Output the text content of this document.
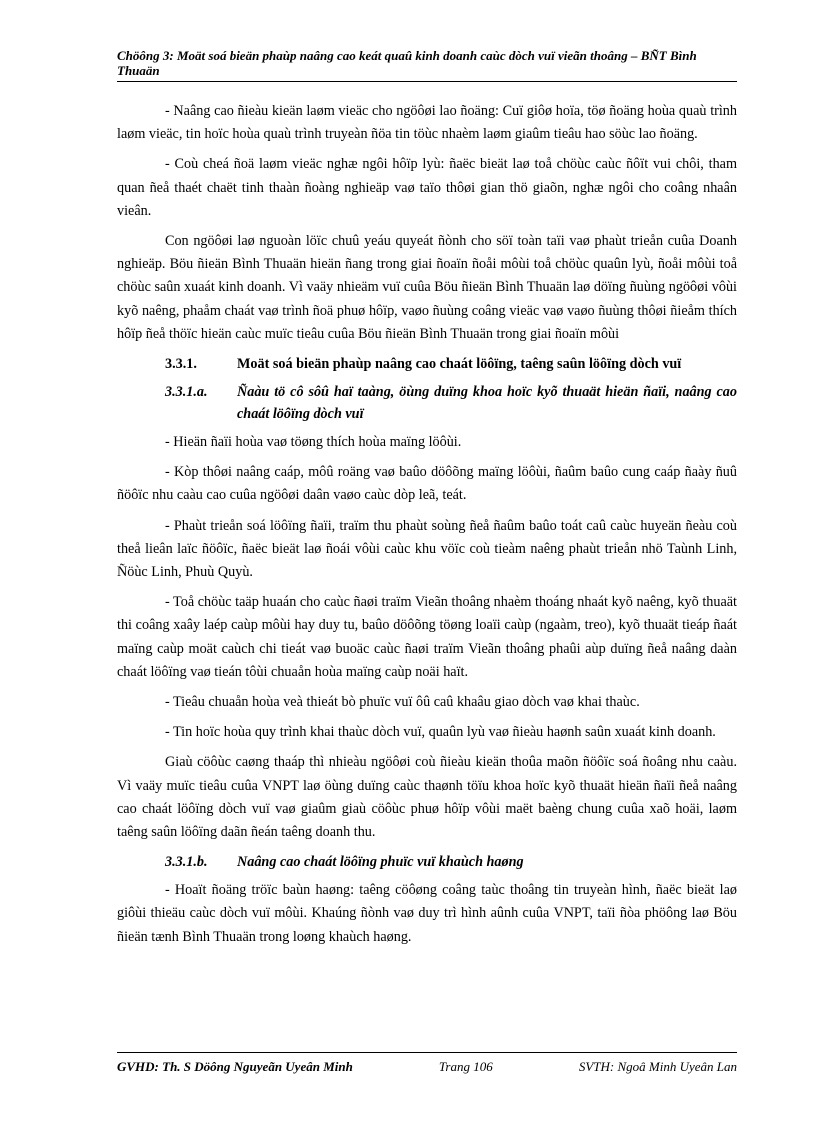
Chöông 3: Moät soá bieän phaùp naâng cao keát quaû kinh doanh caùc dòch vuï vieãn thoâng – BÑT Bình Thuaän

- Naâng cao ñieàu kieän laøm vieäc cho ngöôøi lao ñoäng: Cuï giôø hoïa, töø ñoäng hoùa quaù trình laøm vieäc, tin hoïc hoùa quaù trình truyeàn ñöa tin töùc nhaèm laøm giaûm tieâu hao söùc lao ñoäng.

- Coù cheá ñoä laøm vieäc nghæ ngôi hôïp lyù: ñaëc bieät laø toå chöùc caùc ñôït vui chôi, tham quan ñeå thaét chaët tinh thaàn ñoàng nghieäp vaø taïo thôøi gian thö giaõn, nghæ ngôi cho coâng nhaân vieân.

Con ngöôøi laø nguoàn löïc chuû yeáu quyeát ñònh cho söï toàn taïi vaø phaùt trieån cuûa Doanh nghieäp. Böu ñieän Bình Thuaän hieän ñang trong giai ñoaïn ñoåi môùi toå chöùc quaûn lyù, ñoåi môùi toå chöùc saûn xuaát kinh doanh. Vì vaäy nhieäm vuï cuûa Böu ñieän Bình Thuaän laø döïng ñuùng ngöôøi vôùi kyõ naêng, phaåm chaát vaø trình ñoä phuø hôïp, vaøo ñuùng coâng vieäc vaø vaøo ñuùng thôøi ñieåm thích hôïp ñeå thöïc hieän caùc muïc tieâu cuûa Böu ñieän Bình Thuaän trong giai ñoaïn môùi

3.3.1.	Moät soá bieän phaùp naâng cao chaát löôïng, taêng saûn löôïng dòch vuï
3.3.1.a.	Ñaàu tö cô sôû haï taàng, öùng duïng khoa hoïc kyõ thuaät hieän ñaïi, naâng cao chaát löôïng dòch vuï

- Hieän ñaïi hoùa vaø töøng thích hoùa maïng löôùi.

- Kòp thôøi naâng caáp, môû roäng vaø baûo döôõng maïng löôùi, ñaûm baûo cung caáp ñaày ñuû ñöôïc nhu caàu cao cuûa ngöôøi daân vaøo caùc dòp leã, teát.

- Phaùt trieån soá löôïng ñaïi, traïm thu phaùt soùng ñeå ñaûm baûo toát caû caùc huyeän ñeàu coù theå lieân laïc ñöôïc, ñaëc bieät laø ñoái vôùi caùc khu vöïc coù tieàm naêng phaùt trieån nhö Taùnh Linh, Ñöùc Linh, Phuù Quyù.

- Toå chöùc taäp huaán cho caùc ñaøi traïm Vieãn thoâng nhaèm thoáng nhaát kyõ naêng, kyõ thuaät thi coâng xaây laép caùp môùi hay duy tu, baûo döôõng töøng loaïi caùp (ngaàm, treo), kyõ thuaät tieáp ñaát maïng caùp moät caùch chi tieát vaø buoäc caùc ñaøi traïm Vieãn thoâng phaûi aùp duïng ñeå naâng daàn chaát löôïng vaø tieán tôùi chuaån hoùa maïng caùp noäi haït.

- Tieâu chuaån hoùa veà thieát bò phuïc vuï ôû caû khaâu giao dòch vaø khai thaùc.

- Tin hoïc hoùa quy trình khai thaùc dòch vuï, quaûn lyù vaø ñieàu haønh saûn xuaát kinh doanh.

Giaù cöôùc caøng thaáp thì nhieàu ngöôøi coù ñieàu kieän thoûa maõn ñöôïc soá ñoâng nhu caàu. Vì vaäy muïc tieâu cuûa VNPT laø öùng duïng caùc thaønh töïu khoa hoïc kyõ thuaät hieän ñaïi ñeå naâng cao chaát löôïng dòch vuï vaø giaûm giaù cöôùc phuø hôïp vôùi maët baèng chung cuûa xaõ hoäi, laøm taêng saûn löôïng daãn ñeán taêng doanh thu.

3.3.1.b.	Naâng cao chaát löôïng phuïc vuï khaùch haøng

- Hoaït ñoäng tröïc baùn haøng: taêng cöôøng coâng taùc thoâng tin truyeàn hình, ñaëc bieät laø giôùi thieäu caùc dòch vuï môùi. Khaúng ñònh vaø duy trì hình aûnh cuûa VNPT, taïi ñòa phöông laø Böu ñieän tænh Bình Thuaän trong loøng khaùch haøng.

GVHD: Th. S Döông Nguyeãn Uyeân Minh	Trang 106	SVTH: Ngoâ Minh Uyeân Lan
